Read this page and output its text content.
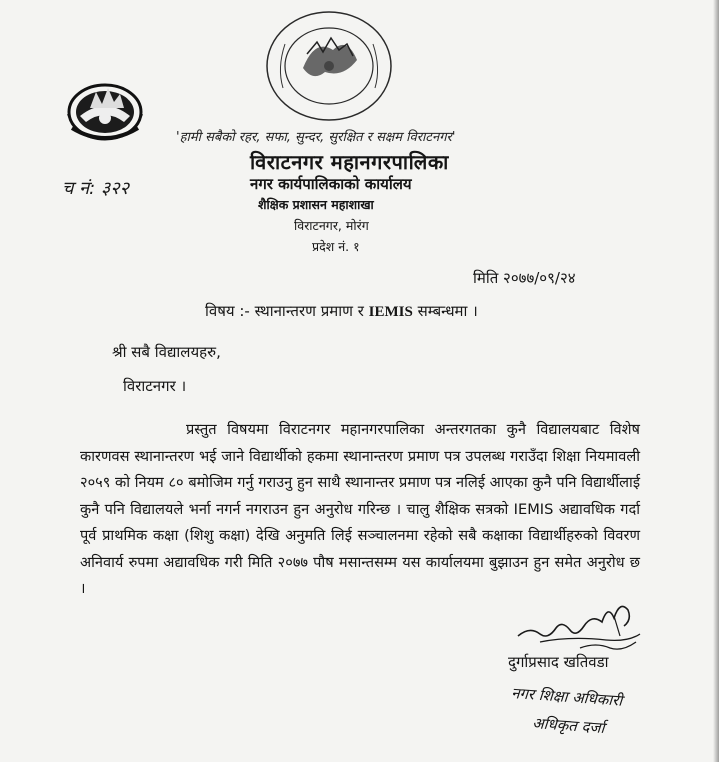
'हामी सबैको रहर, सफा, सुन्दर, सुरक्षित र सक्षम विराटनगर'
च नं: ३२२
विराटनगर महानगरपालिका
नगर कार्यपालिकाको कार्यालय
शैक्षिक प्रशासन महाशाखा
विराटनगर, मोरंग
प्रदेश नं. १
मिति २०७७/०९/२४
विषय :- स्थानान्तरण प्रमाण र IEMIS सम्बन्धमा ।
श्री सबै विद्यालयहरु,
विराटनगर ।

प्रस्तुत विषयमा विराटनगर महानगरपालिका अन्तरगतका कुनै विद्यालयबाट विशेष कारणवस स्थानान्तरण भई जाने विद्यार्थीको हकमा स्थानान्तरण प्रमाण पत्र उपलब्ध गराउँदा शिक्षा नियमावली २०५९ को नियम ८० बमोजिम गर्नु गराउनु हुन साथै स्थानान्तर प्रमाण पत्र नलिई आएका कुनै पनि विद्यार्थीलाई कुनै पनि विद्यालयले भर्ना नगर्न नगराउन हुन अनुरोध गरिन्छ । चालु शैक्षिक सत्रको IEMIS अद्यावधिक गर्दा पूर्व प्राथमिक कक्षा (शिशु कक्षा) देखि अनुमति लिई सञ्चालनमा रहेको सबै कक्षाका विद्यार्थीहरुको विवरण अनिवार्य रुपमा अद्यावधिक गरी मिति २०७७ पौष मसान्तसम्म यस कार्यालयमा बुझाउन हुन समेत अनुरोध छ ।

दुर्गाप्रसाद खतिवडा
नगर शिक्षा अधिकारी
अधिकृत दर्जा
